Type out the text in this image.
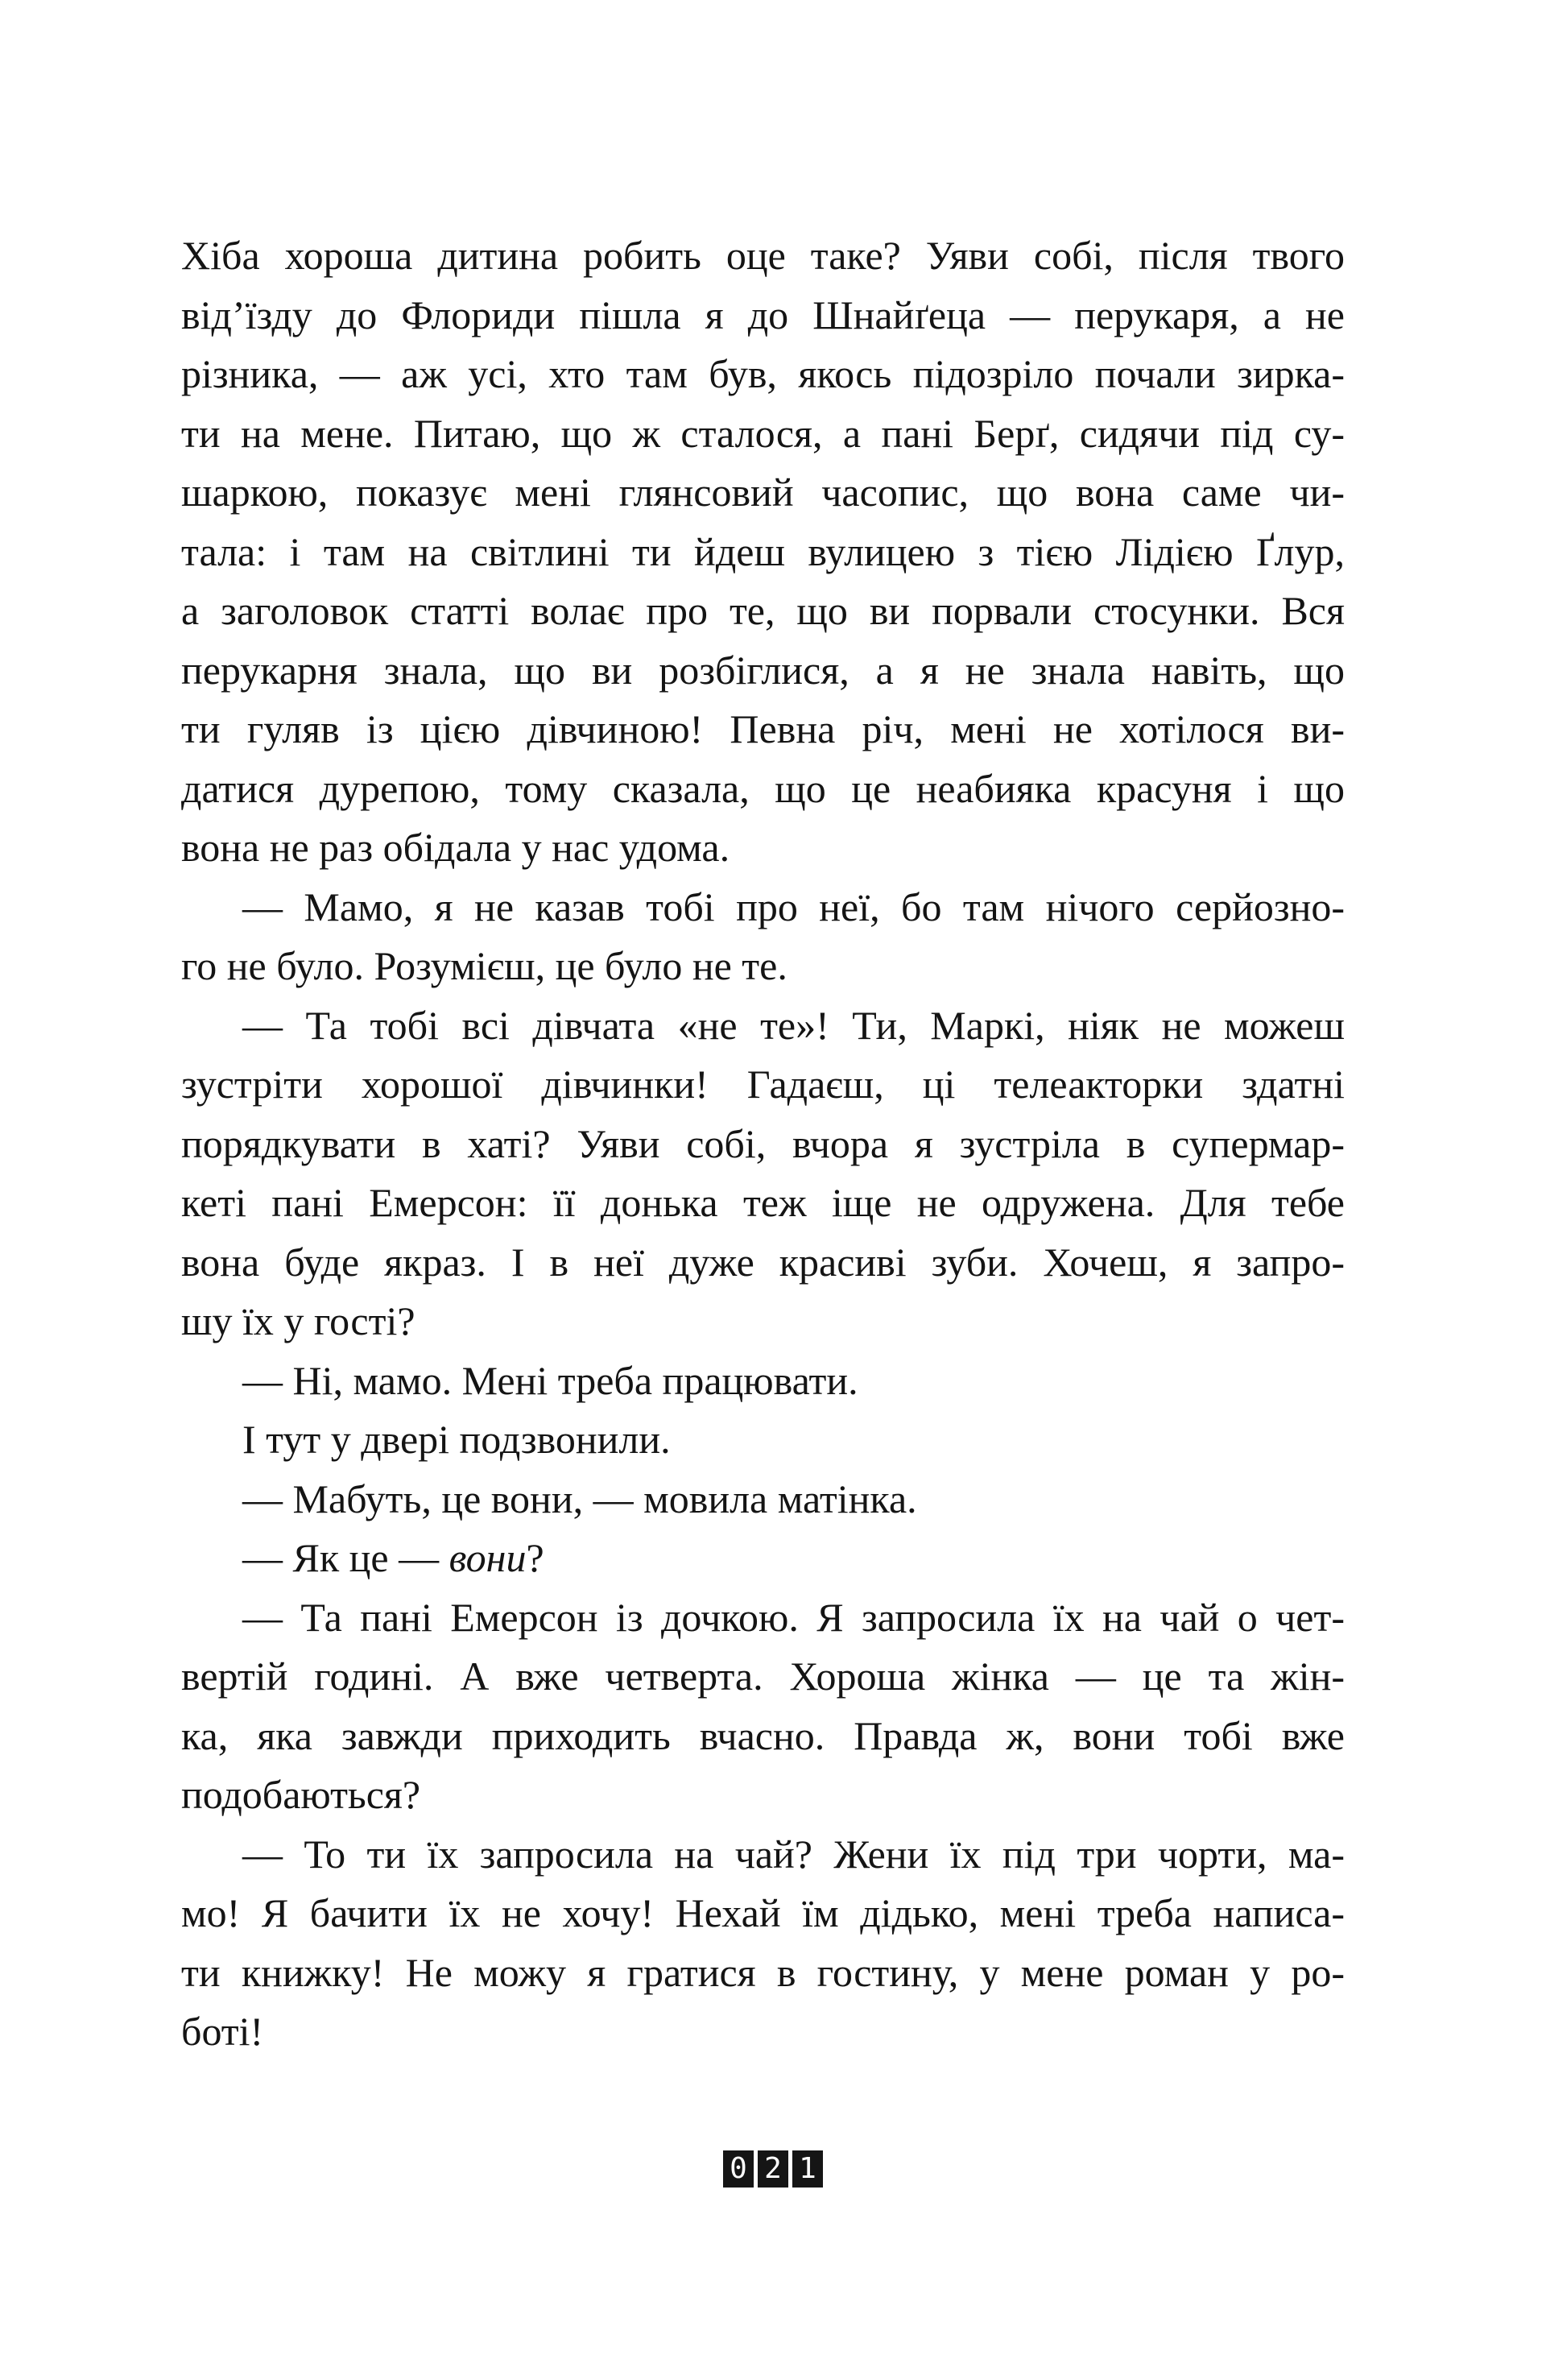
Хіба хороша дитина робить оце таке? Уяви собі, після твого
від’їзду до Флориди пішла я до Шнайґеца — перукаря, а не
різника, — аж усі, хто там був, якось підозріло почали зирка-
ти на мене. Питаю, що ж сталося, а пані Берґ, сидячи під су-
шаркою, показує мені глянсовий часопис, що вона саме чи-
тала: і там на світлині ти йдеш вулицею з тією Лідією Ґлур,
а заголовок статті волає про те, що ви порвали стосунки. Вся
перукарня знала, що ви розбіглися, а я не знала навіть, що
ти гуляв із цією дівчиною! Певна річ, мені не хотілося ви-
датися дурепою, тому сказала, що це неабияка красуня і що
вона не раз обідала у нас удома.
— Мамо, я не казав тобі про неї, бо там нічого серйозно-
го не було. Розумієш, це було не те.
— Та тобі всі дівчата «не те»! Ти, Маркі, ніяк не можеш
зустріти хорошої дівчинки! Гадаєш, ці телеакторки здатні
порядкувати в хаті? Уяви собі, вчора я зустріла в супермар-
кеті пані Емерсон: її донька теж іще не одружена. Для тебе
вона буде якраз. І в неї дуже красиві зуби. Хочеш, я запро-
шу їх у гості?
— Ні, мамо. Мені треба працювати.
І тут у двері подзвонили.
— Мабуть, це вони, — мовила матінка.
— Як це — вони?
— Та пані Емерсон із дочкою. Я запросила їх на чай о чет-
вертій годині. А вже четверта. Хороша жінка — це та жін-
ка, яка завжди приходить вчасно. Правда ж, вони тобі вже
подобаються?
— То ти їх запросила на чай? Жени їх під три чорти, ма-
мо! Я бачити їх не хочу! Нехай їм дідько, мені треба написа-
ти книжку! Не можу я гратися в гостину, у мене роман у ро-
боті!
0 2 1
